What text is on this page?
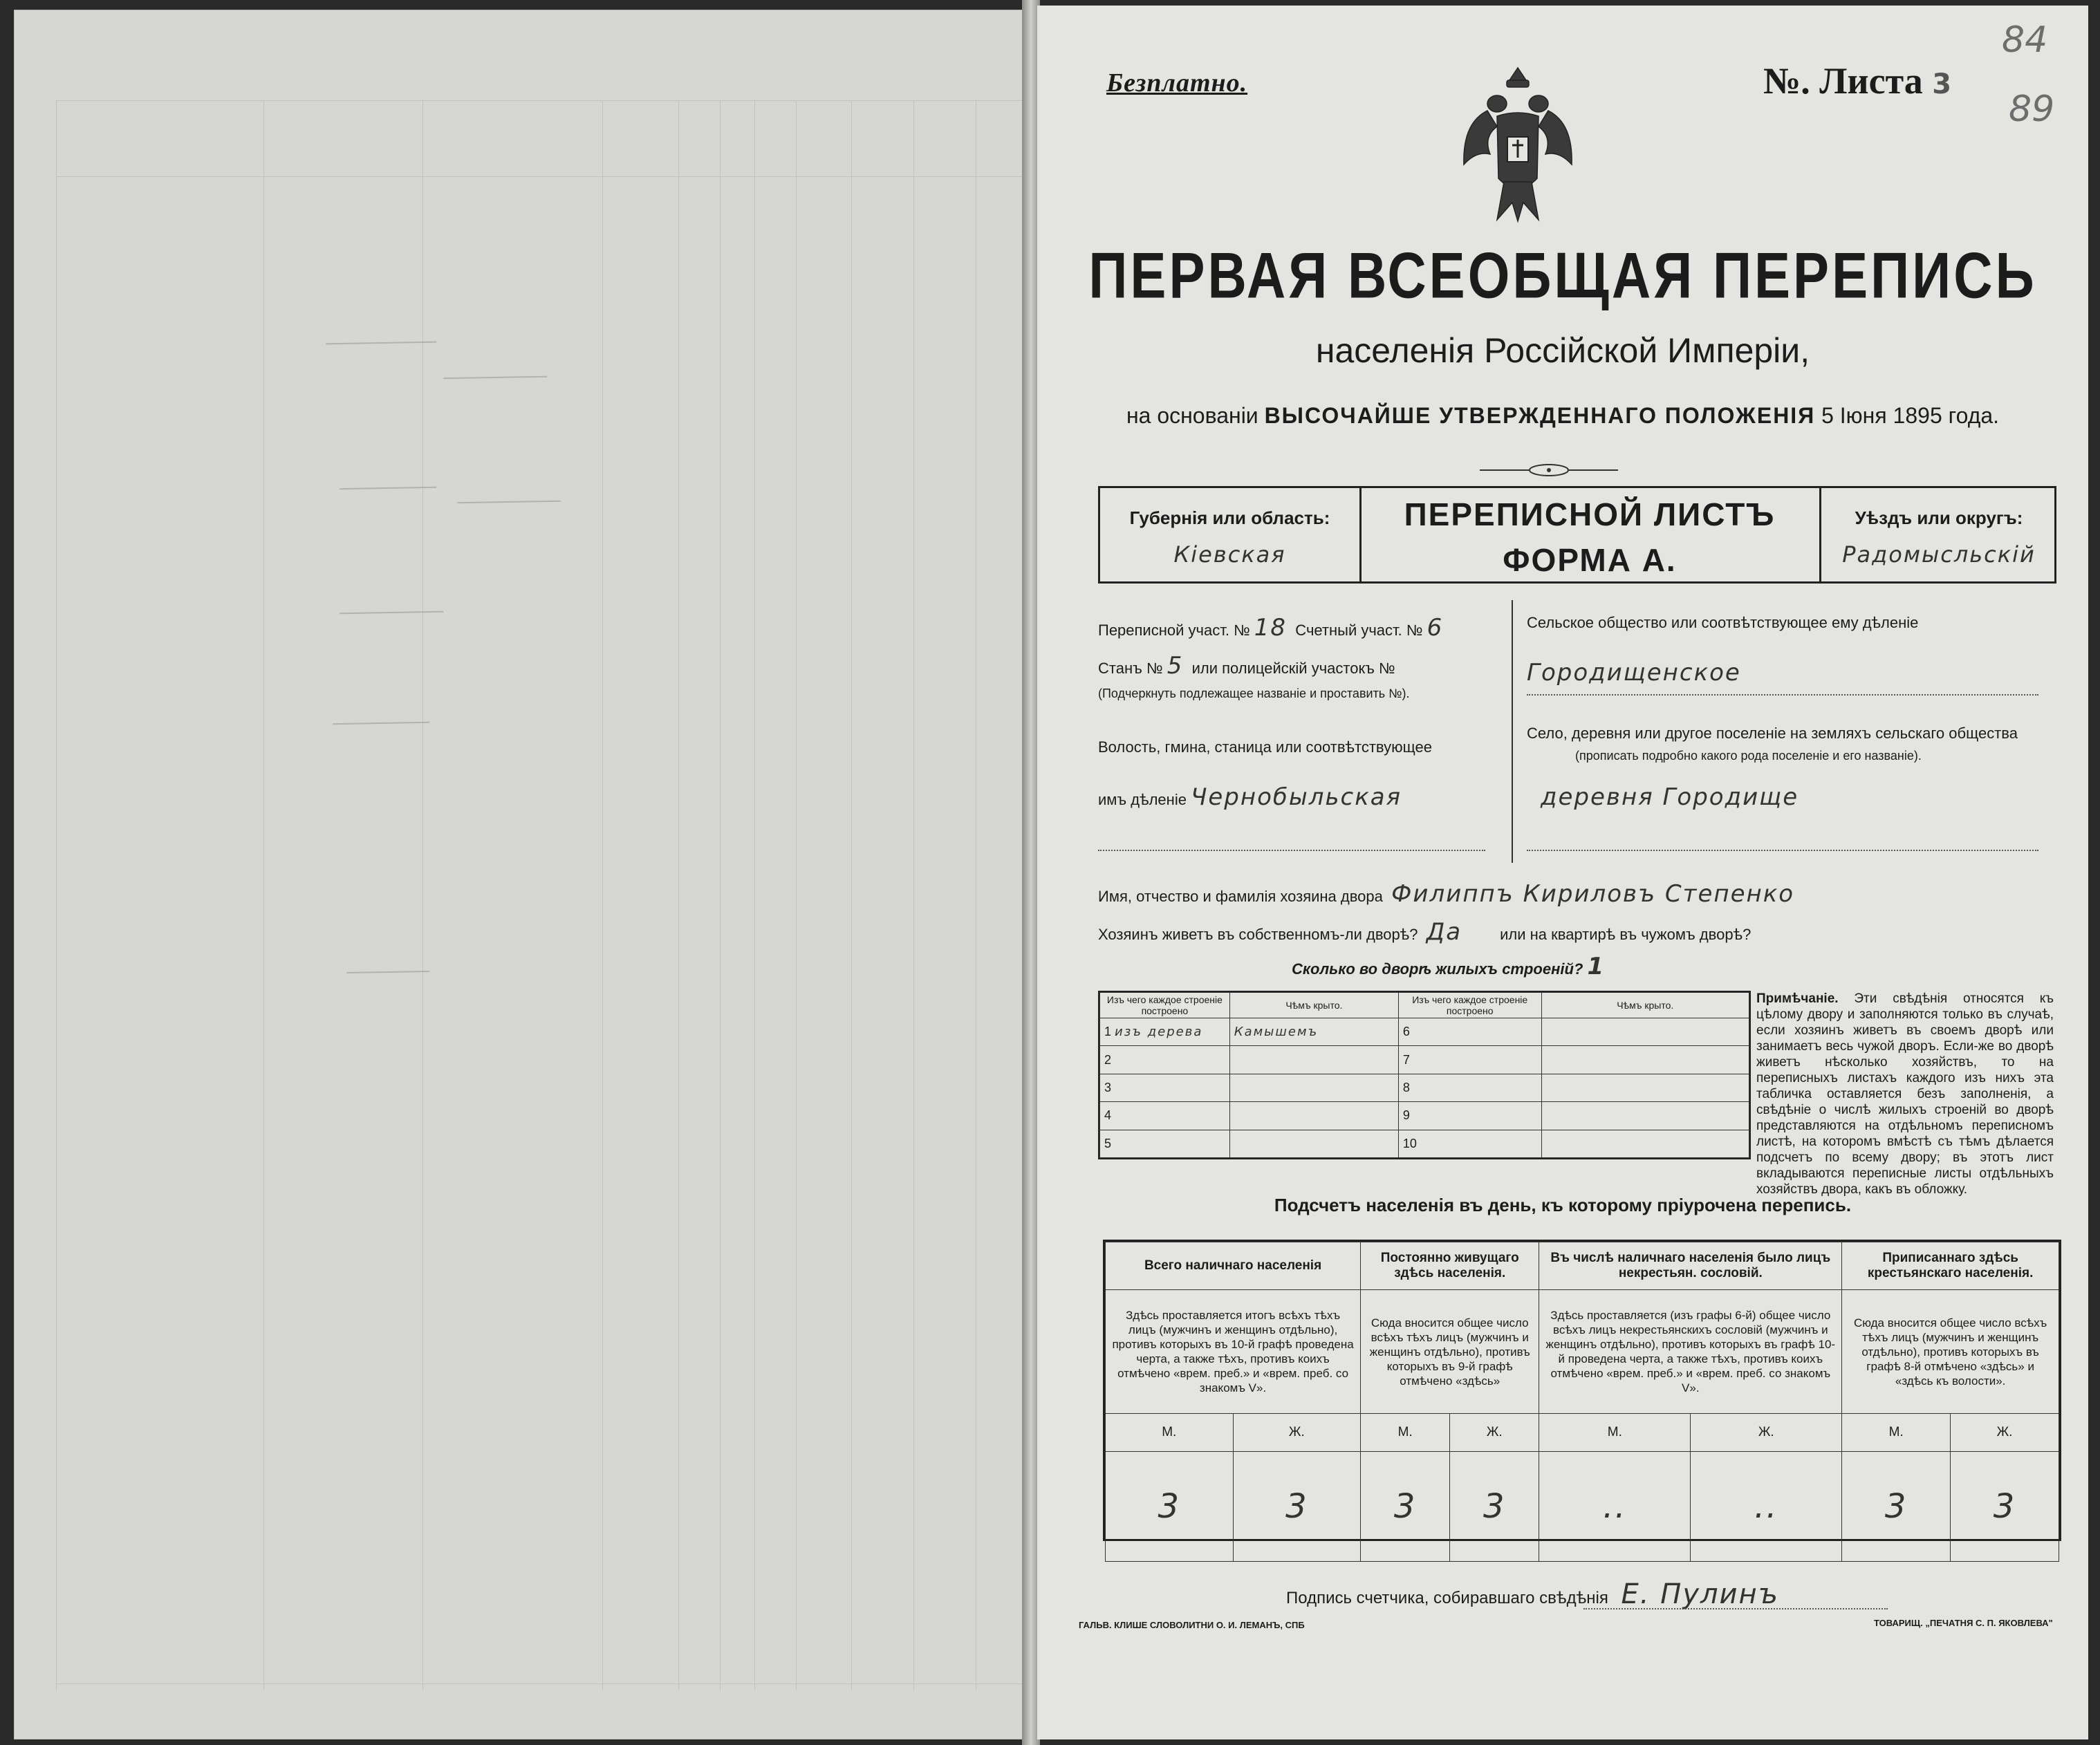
Безплатно.	№. Листа 3
84
89
ПЕРВАЯ ВСЕОБЩАЯ ПЕРЕПИСЬ
населенія Россійской Имперіи,
на основаніи ВЫСОЧАЙШЕ УТВЕРЖДЕННАГО ПОЛОЖЕНІЯ 5 Іюня 1895 года.
Губернія или область:
Кіевская
ПЕРЕПИСНОЙ ЛИСТЪ
ФОРМА А.
Уѣздъ или округъ:
Радомысльскій
Переписной участ. № 18 Счетный участ. № 6
Станъ № 5 или полицейскій участокъ №
(Подчеркнуть подлежащее названіе и проставить №).
Волость, гмина, станица или соотвѣтствующее
имъ дѣленіе Чернобыльская
Сельское общество или соотвѣтствующее ему дѣленіе
Городищенское
Село, деревня или другое поселеніе на земляхъ сельскаго общества
(прописать подробно какого рода поселеніе и его названіе).
деревня Городище
Имя, отчество и фамилія хозяина двора Филиппъ Кириловъ Степенко
Хозяинъ живетъ въ собственномъ-ли дворѣ? Да	или на квартирѣ въ чужомъ дворѣ?
Сколько во дворѣ жилыхъ строеній? 1
Изъ чего каждое строеніе построено	Чѣмъ крыто.	Изъ чего каждое строеніе построено	Чѣмъ крыто.
1 изъ дерева	Камышемъ	6	
2		7	
3		8	
4		9	
5		10	
Примѣчаніе. Эти свѣдѣнія относятся къ цѣлому двору и заполняются только въ случаѣ, если хозяинъ живетъ въ своемъ дворѣ или занимаетъ весь чужой дворъ. Если-же во дворѣ живетъ нѣсколько хозяйствъ, то на переписныхъ листахъ каждого изъ нихъ эта табличка оставляется безъ заполненія, а свѣдѣніе о числѣ жилыхъ строеній во дворѣ представляются на отдѣльномъ переписномъ листѣ, на которомъ вмѣстѣ съ тѣмъ дѣлается подсчетъ по всему двору; въ этотъ лист вкладываются переписные листы отдѣльныхъ хозяйствъ двора, какъ въ обложку.
Подсчетъ населенія въ день, къ которому пріурочена перепись.
Всего наличнаго населенія		Постоянно живущаго здѣсь населенія.		Въ числѣ наличнаго населенія было лицъ некрестьян. сословій.		Приписаннаго здѣсь крестьянскаго населенія.	
Здѣсь проставляется итогъ всѣхъ тѣхъ лицъ (мужчинъ и женщинъ отдѣльно), противъ которыхъ въ 10-й графѣ проведена черта, а также тѣхъ, противъ коихъ отмѣчено «врем. преб.» и «врем. преб. со знакомъ V».		Сюда вносится общее число всѣхъ тѣхъ лицъ (мужчинъ и женщинъ отдѣльно), противъ которыхъ въ 9-й графѣ отмѣчено «здѣсь»		Здѣсь проставляется (изъ графы 6-й) общее число всѣхъ лицъ некрестьянскихъ сословій (мужчинъ и женщинъ отдѣльно), противъ которыхъ въ графѣ 10-й проведена черта, а также тѣхъ, противъ коихъ отмѣчено «врем. преб.» и «врем. преб. со знакомъ V».		Сюда вносится общее число всѣхъ тѣхъ лицъ (мужчинъ и женщинъ отдѣльно), противъ которыхъ въ графѣ 8-й отмѣчено «здѣсь» и «здѣсь къ волости».	
М.	Ж.	М.	Ж.	М.	Ж.	М.	Ж.
3	3	3	3	..	..	3	3
Подпись счетчика, собиравшаго свѣдѣнія Е. Пулинъ
ГАЛЬВ. КЛИШЕ СЛОВОЛИТНИ О. И. ЛЕМАНЪ, СПБ	ТОВАРИЩ. „ПЕЧАТНЯ С. П. ЯКОВЛЕВА"
